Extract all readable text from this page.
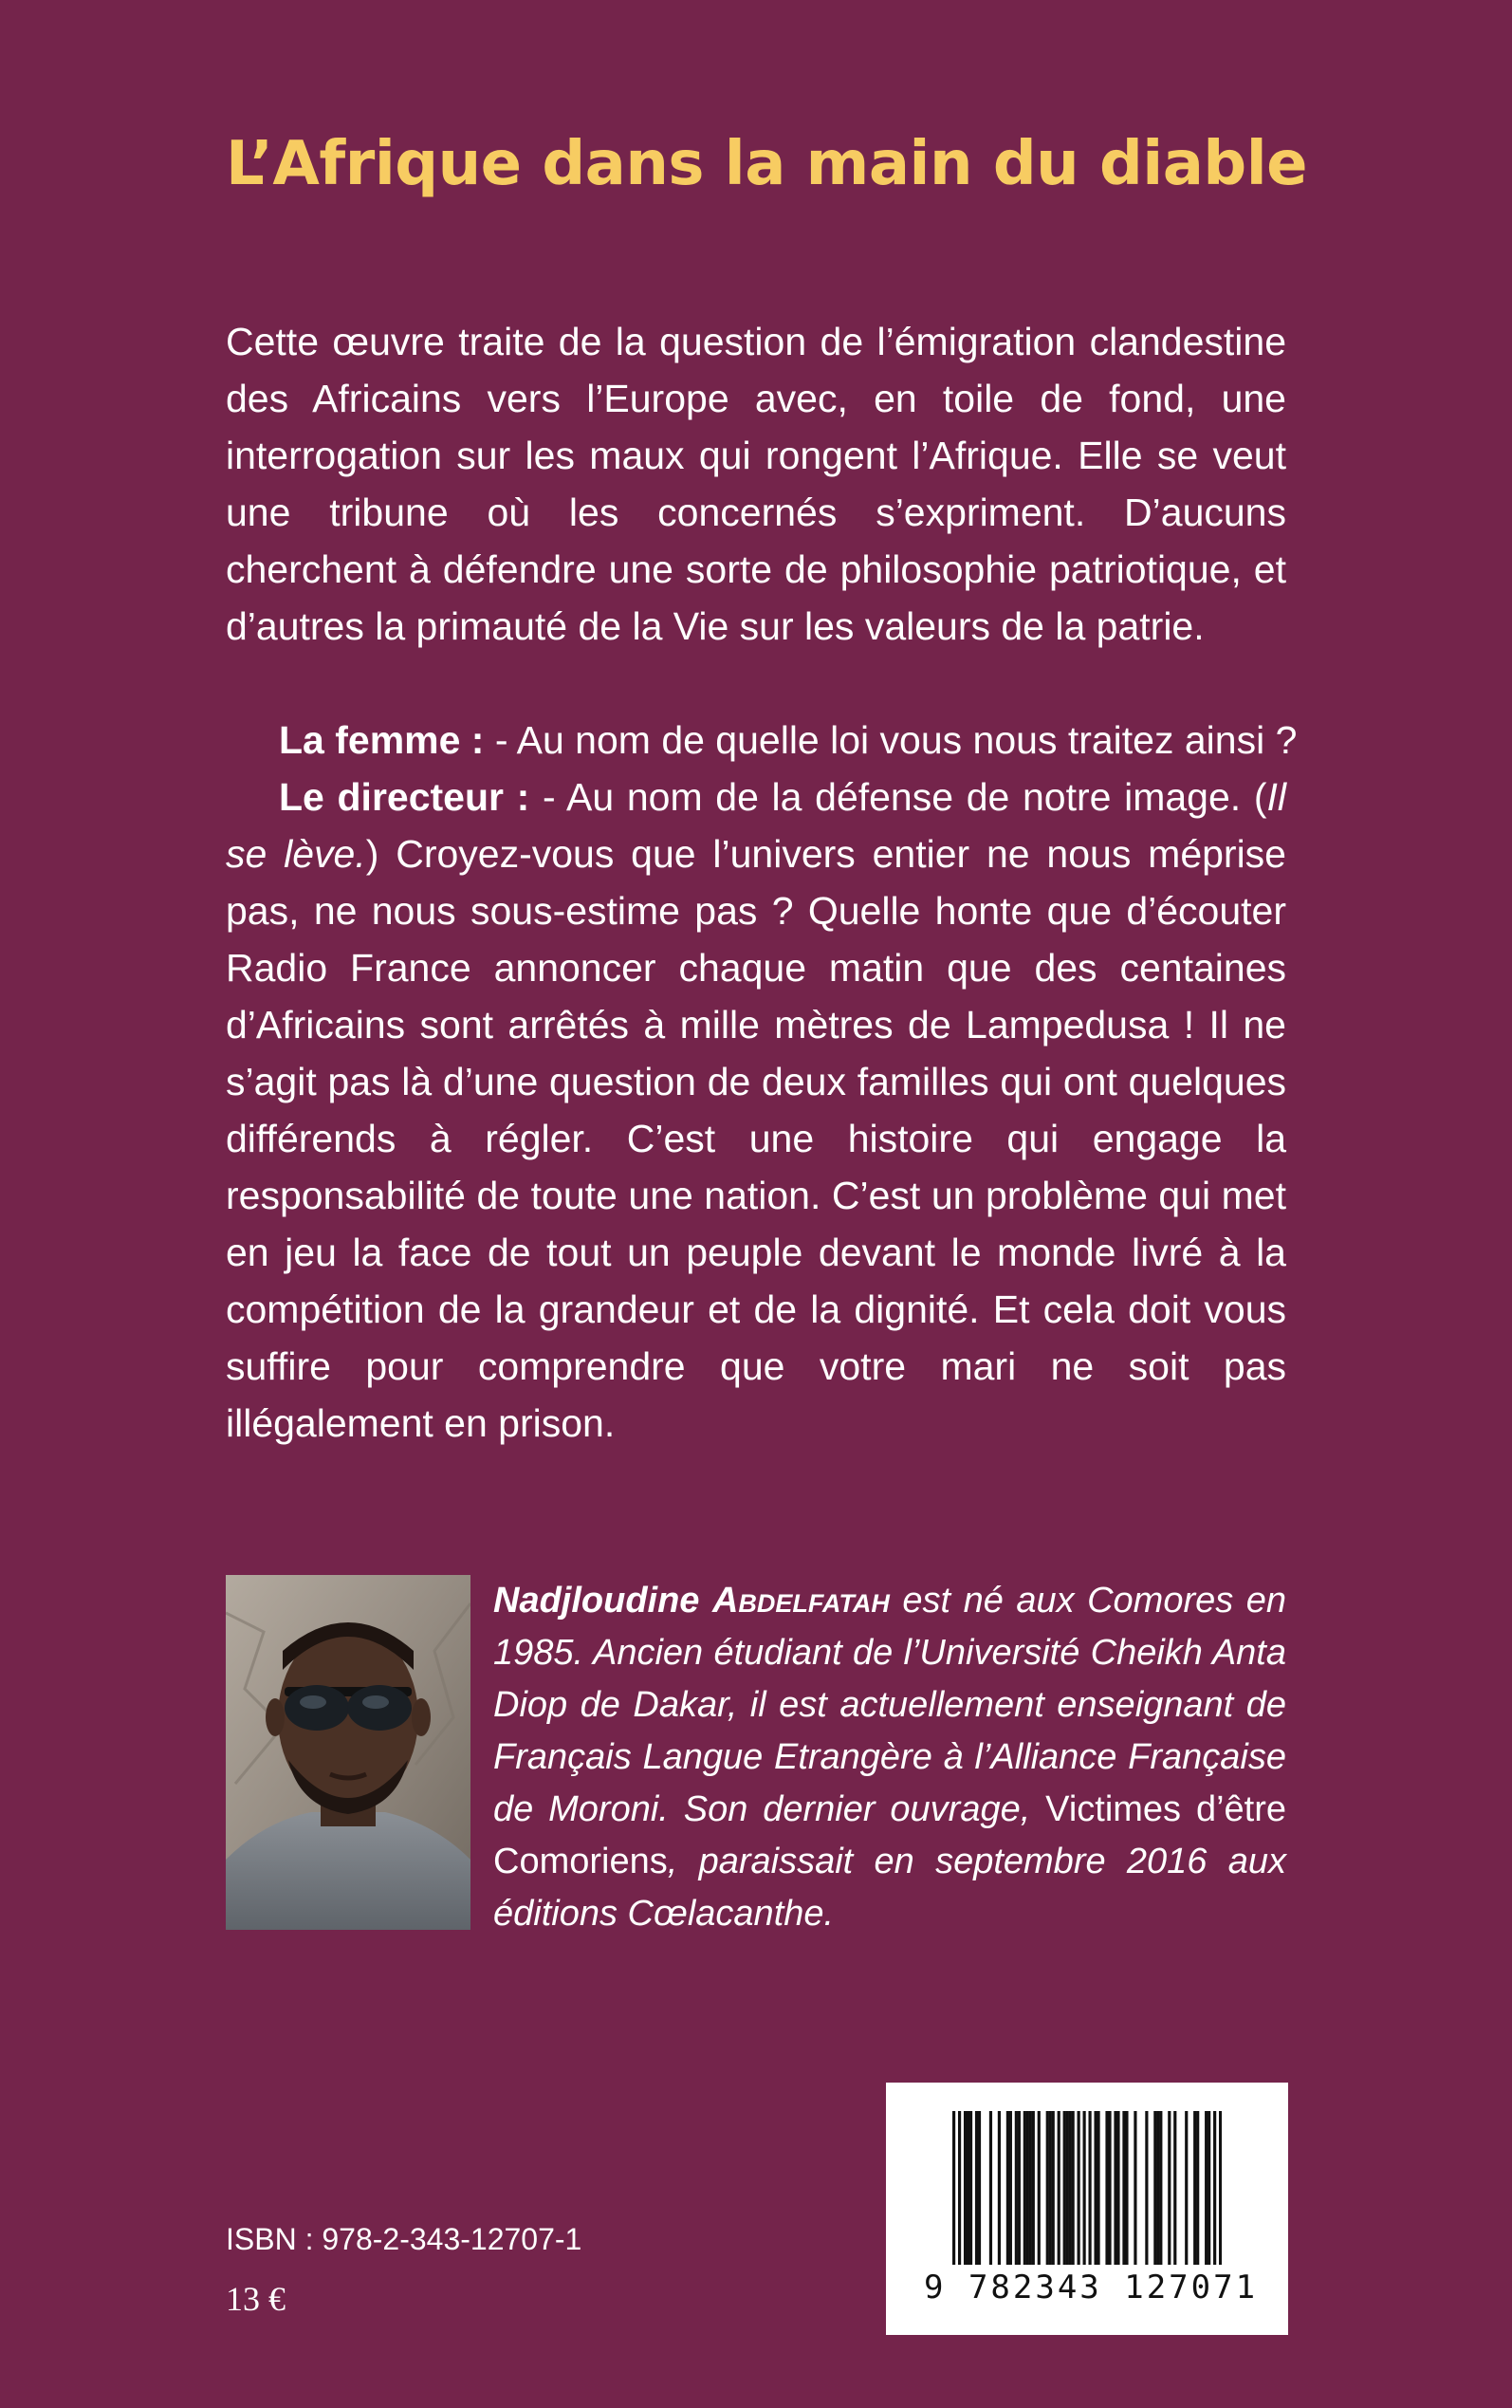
L’Afrique dans la main du diable

Cette œuvre traite de la question de l’émigration clandestine des Africains vers l’Europe avec, en toile de fond, une interrogation sur les maux qui rongent l’Afrique. Elle se veut une tribune où les concernés s’expriment. D’aucuns cherchent à défendre une sorte de philosophie patriotique, et d’autres la primauté de la Vie sur les valeurs de la patrie.

La femme : - Au nom de quelle loi vous nous traitez ainsi ?

Le directeur : - Au nom de la défense de notre image. (Il se lève.) Croyez-vous que l’univers entier ne nous méprise pas, ne nous sous-estime pas ? Quelle honte que d’écouter Radio France annoncer chaque matin que des centaines d’Africains sont arrêtés à mille mètres de Lampedusa ! Il ne s’agit pas là d’une question de deux familles qui ont quelques différends à régler. C’est une histoire qui engage la responsabilité de toute une nation. C’est un problème qui met en jeu la face de tout un peuple devant le monde livré à la compétition de la grandeur et de la dignité. Et cela doit vous suffire pour comprendre que votre mari ne soit pas illégalement en prison.

Nadjloudine Abdelfatah est né aux Comores en 1985. Ancien étudiant de l’Université Cheikh Anta Diop de Dakar, il est actuellement enseignant de Français Langue Etrangère à l’Alliance Française de Moroni. Son dernier ouvrage, Victimes d’être Comoriens, paraissait en septembre 2016 aux éditions Cœlacanthe.

ISBN : 978-2-343-12707-1
13 €	9 782343 127071
